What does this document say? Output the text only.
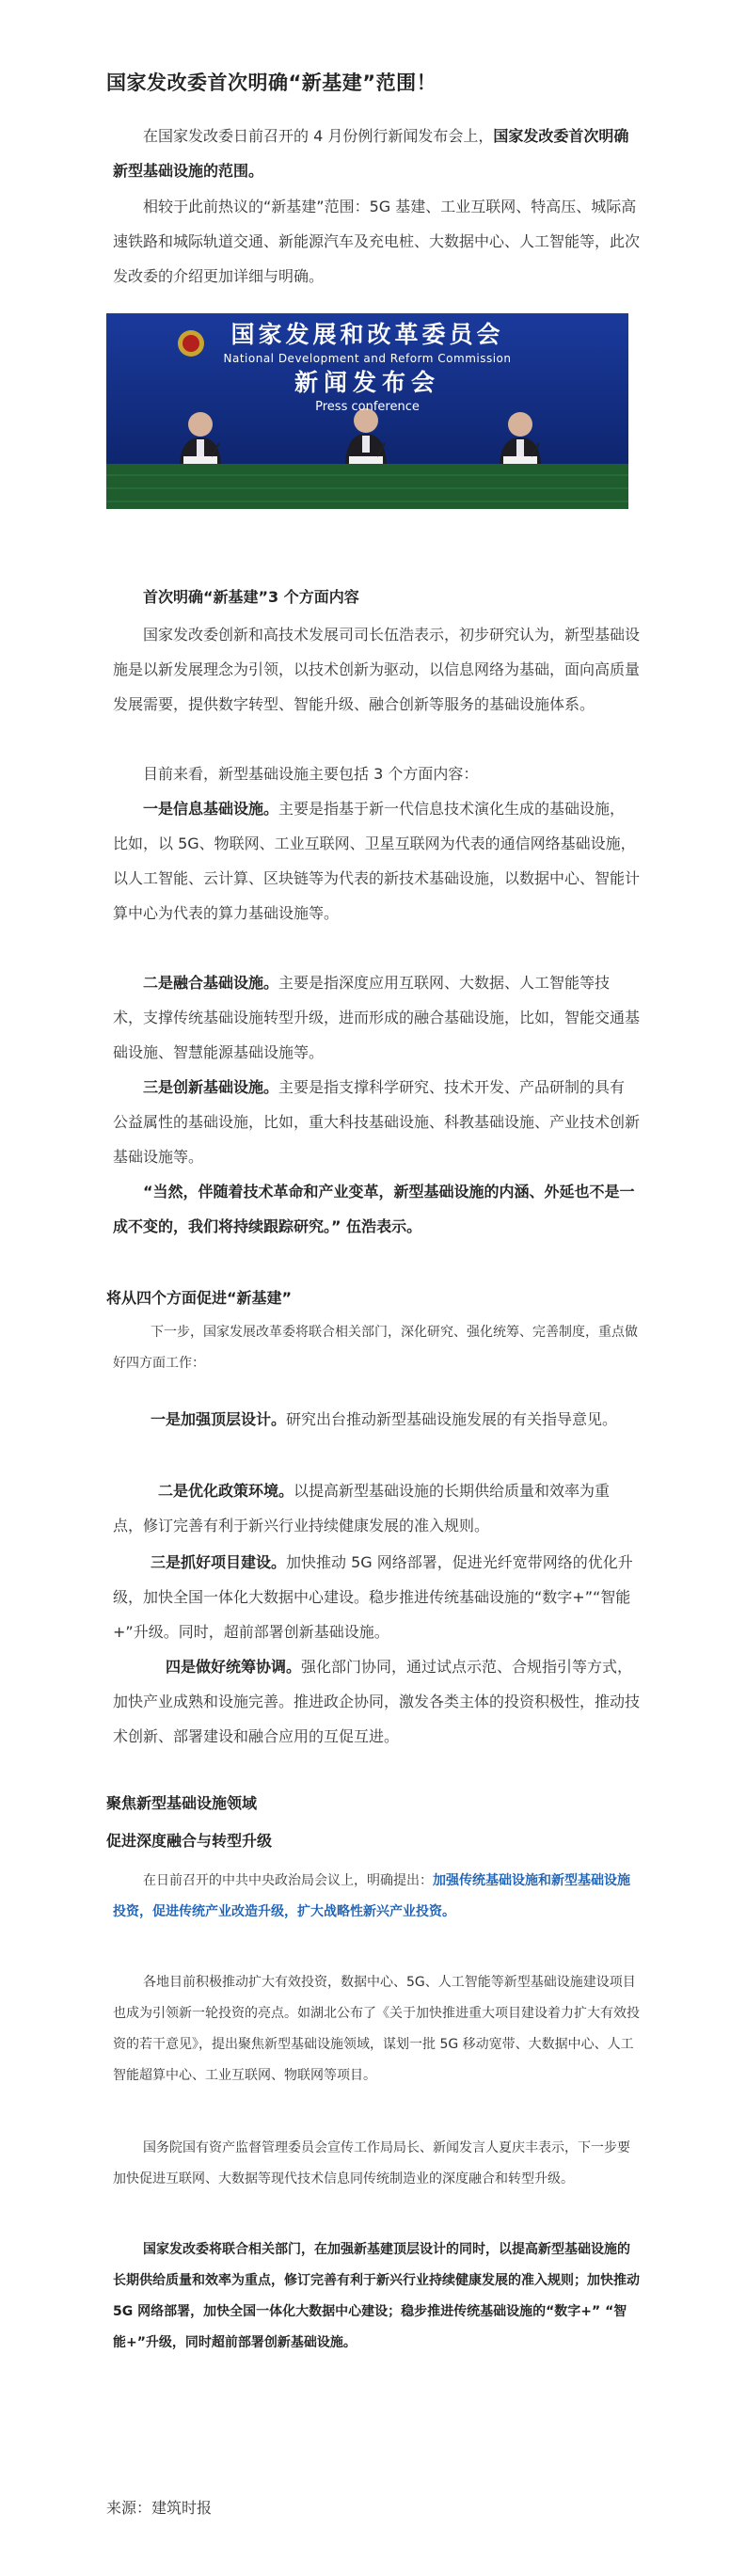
国家发改委首次明确“新基建”范围！
在国家发改委日前召开的 4 月份例行新闻发布会上，国家发改委首次明确新型基础设施的范围。
相较于此前热议的“新基建”范围：5G 基建、工业互联网、特高压、城际高速铁路和城际轨道交通、新能源汽车及充电桩、大数据中心、人工智能等，此次发改委的介绍更加详细与明确。
国家发展和改革委员会
National Development and Reform Commission
新闻发布会
Press conference
首次明确“新基建”3 个方面内容
国家发改委创新和高技术发展司司长伍浩表示，初步研究认为，新型基础设施是以新发展理念为引领，以技术创新为驱动，以信息网络为基础，面向高质量发展需要，提供数字转型、智能升级、融合创新等服务的基础设施体系。
目前来看，新型基础设施主要包括 3 个方面内容：
一是信息基础设施。主要是指基于新一代信息技术演化生成的基础设施，比如，以 5G、物联网、工业互联网、卫星互联网为代表的通信网络基础设施，以人工智能、云计算、区块链等为代表的新技术基础设施，以数据中心、智能计算中心为代表的算力基础设施等。
二是融合基础设施。主要是指深度应用互联网、大数据、人工智能等技术，支撑传统基础设施转型升级，进而形成的融合基础设施，比如，智能交通基础设施、智慧能源基础设施等。
三是创新基础设施。主要是指支撑科学研究、技术开发、产品研制的具有公益属性的基础设施，比如，重大科技基础设施、科教基础设施、产业技术创新基础设施等。
“当然，伴随着技术革命和产业变革，新型基础设施的内涵、外延也不是一成不变的，我们将持续跟踪研究。” 伍浩表示。
将从四个方面促进“新基建”
下一步，国家发展改革委将联合相关部门，深化研究、强化统筹、完善制度，重点做好四方面工作：
一是加强顶层设计。研究出台推动新型基础设施发展的有关指导意见。
二是优化政策环境。以提高新型基础设施的长期供给质量和效率为重点，修订完善有利于新兴行业持续健康发展的准入规则。
三是抓好项目建设。加快推动 5G 网络部署，促进光纤宽带网络的优化升级，加快全国一体化大数据中心建设。稳步推进传统基础设施的“数字+”“智能+”升级。同时，超前部署创新基础设施。
四是做好统筹协调。强化部门协同，通过试点示范、合规指引等方式，加快产业成熟和设施完善。推进政企协同，激发各类主体的投资积极性，推动技术创新、部署建设和融合应用的互促互进。
聚焦新型基础设施领域
促进深度融合与转型升级
在日前召开的中共中央政治局会议上，明确提出：加强传统基础设施和新型基础设施投资，促进传统产业改造升级，扩大战略性新兴产业投资。
各地目前积极推动扩大有效投资，数据中心、5G、人工智能等新型基础设施建设项目也成为引领新一轮投资的亮点。如湖北公布了《关于加快推进重大项目建设着力扩大有效投资的若干意见》，提出聚焦新型基础设施领域，谋划一批 5G 移动宽带、大数据中心、人工智能超算中心、工业互联网、物联网等项目。
国务院国有资产监督管理委员会宣传工作局局长、新闻发言人夏庆丰表示，下一步要加快促进互联网、大数据等现代技术信息同传统制造业的深度融合和转型升级。
国家发改委将联合相关部门，在加强新基建顶层设计的同时，以提高新型基础设施的长期供给质量和效率为重点，修订完善有利于新兴行业持续健康发展的准入规则；加快推动 5G 网络部署，加快全国一体化大数据中心建设；稳步推进传统基础设施的“数字+” “智能+”升级，同时超前部署创新基础设施。
来源：建筑时报
